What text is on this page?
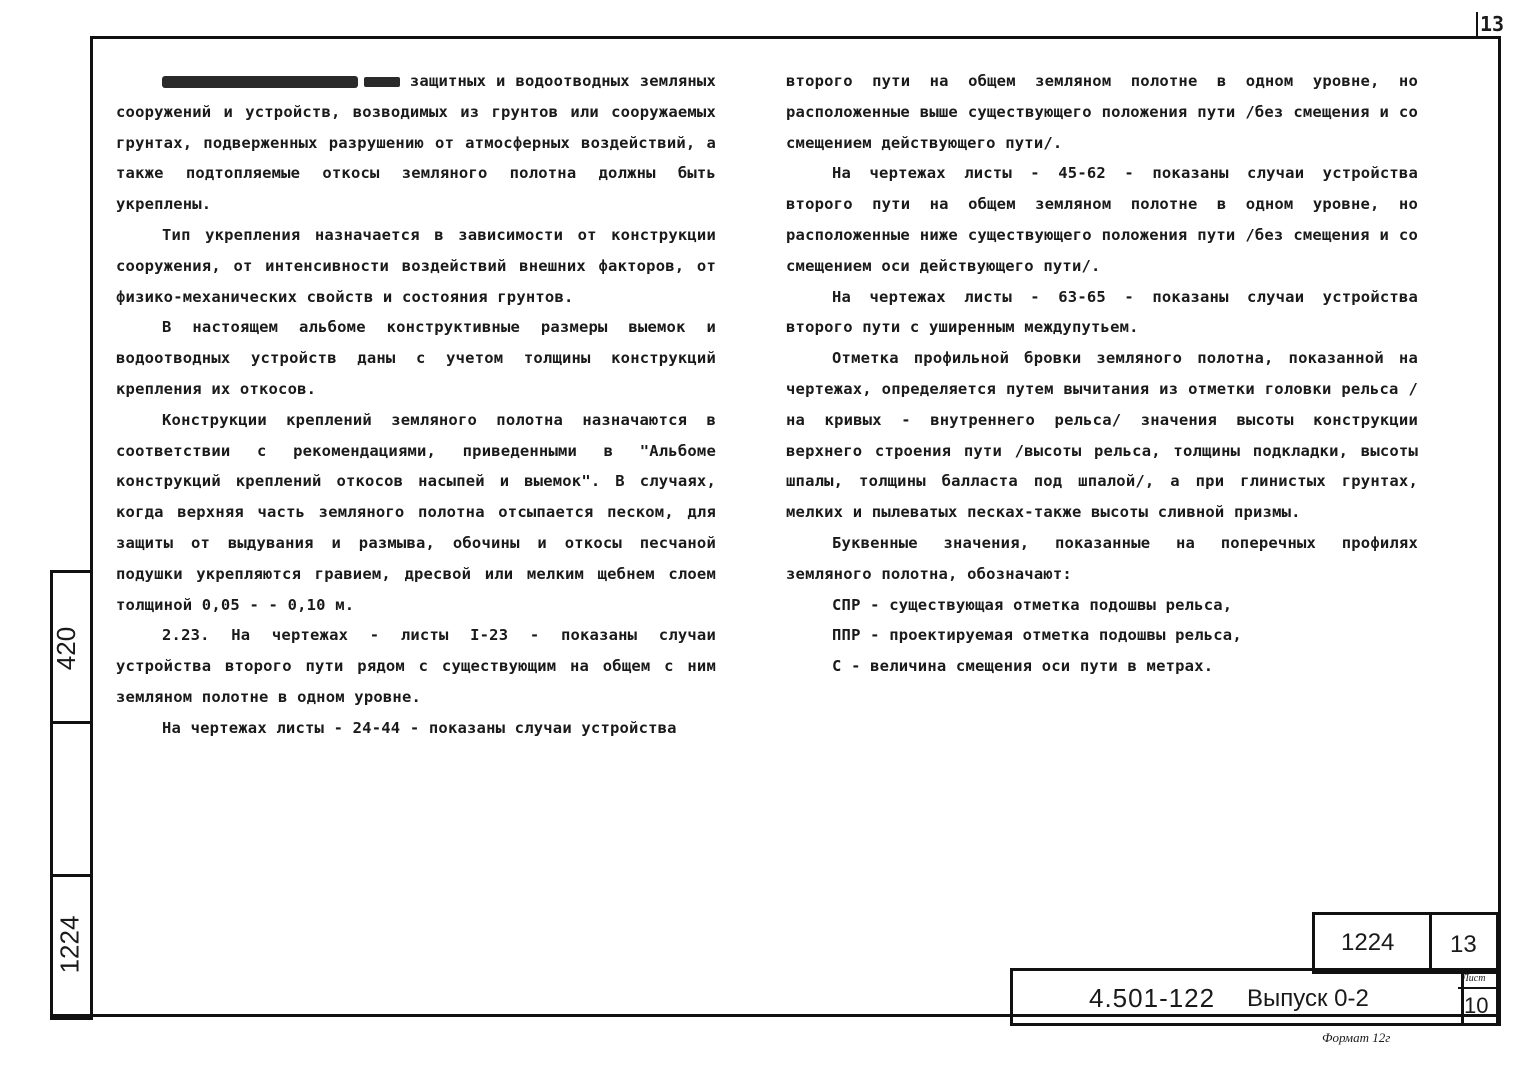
13
420
1224

защитных и водоотводных земляных сооружений и устройств, возводимых из грунтов или сооружаемых грунтах, подверженных разрушению от атмосферных воздействий, а также подтопляемые откосы земляного полотна должны быть укреплены.

Тип укрепления назначается в зависимости от конструкции сооружения, от интенсивности воздействий внешних факторов, от физико-механических свойств и состояния грунтов.

В настоящем альбоме конструктивные размеры выемок и водоотводных устройств даны с учетом толщины конструкций крепления их откосов.

Конструкции креплений земляного полотна назначаются в соответствии с рекомендациями, приведенными в "Альбоме конструкций креплений откосов насыпей и выемок". В случаях, когда верхняя часть земляного полотна отсыпается песком, для защиты от выдувания и размыва, обочины и откосы песчаной подушки укрепляются гравием, дресвой или мелким щебнем слоем толщиной 0,05 - - 0,10 м.

2.23. На чертежах - листы I-23 - показаны случаи устройства второго пути рядом с существующим на общем с ним земляном полотне в одном уровне.

На чертежах листы - 24-44 - показаны случаи устройства

второго пути на общем земляном полотне в одном уровне, но расположенные выше существующего положения пути /без смещения и со смещением действующего пути/.

На чертежах листы - 45-62 - показаны случаи устройства второго пути на общем земляном полотне в одном уровне, но расположенные ниже существующего положения пути /без смещения и со смещением оси действующего пути/.

На чертежах листы - 63-65 - показаны случаи устройства второго пути с уширенным междупутьем.

Отметка профильной бровки земляного полотна, показанной на чертежах, определяется путем вычитания из отметки головки рельса /на кривых - внутреннего рельса/ значения высоты конструкции верхнего строения пути /высоты рельса, толщины подкладки, высоты шпалы, толщины балласта под шпалой/, а при глинистых грунтах, мелких и пылеватых песках-также высоты сливной призмы.

Буквенные значения, показанные на поперечных профилях земляного полотна, обозначают:

СПР - существующая отметка подошвы рельса,
ППР - проектируемая отметка подошвы рельса,
С - величина смещения оси пути в метрах.
1224 13
4.501-122 Выпуск 0-2
Лист
10
Формат 12г
